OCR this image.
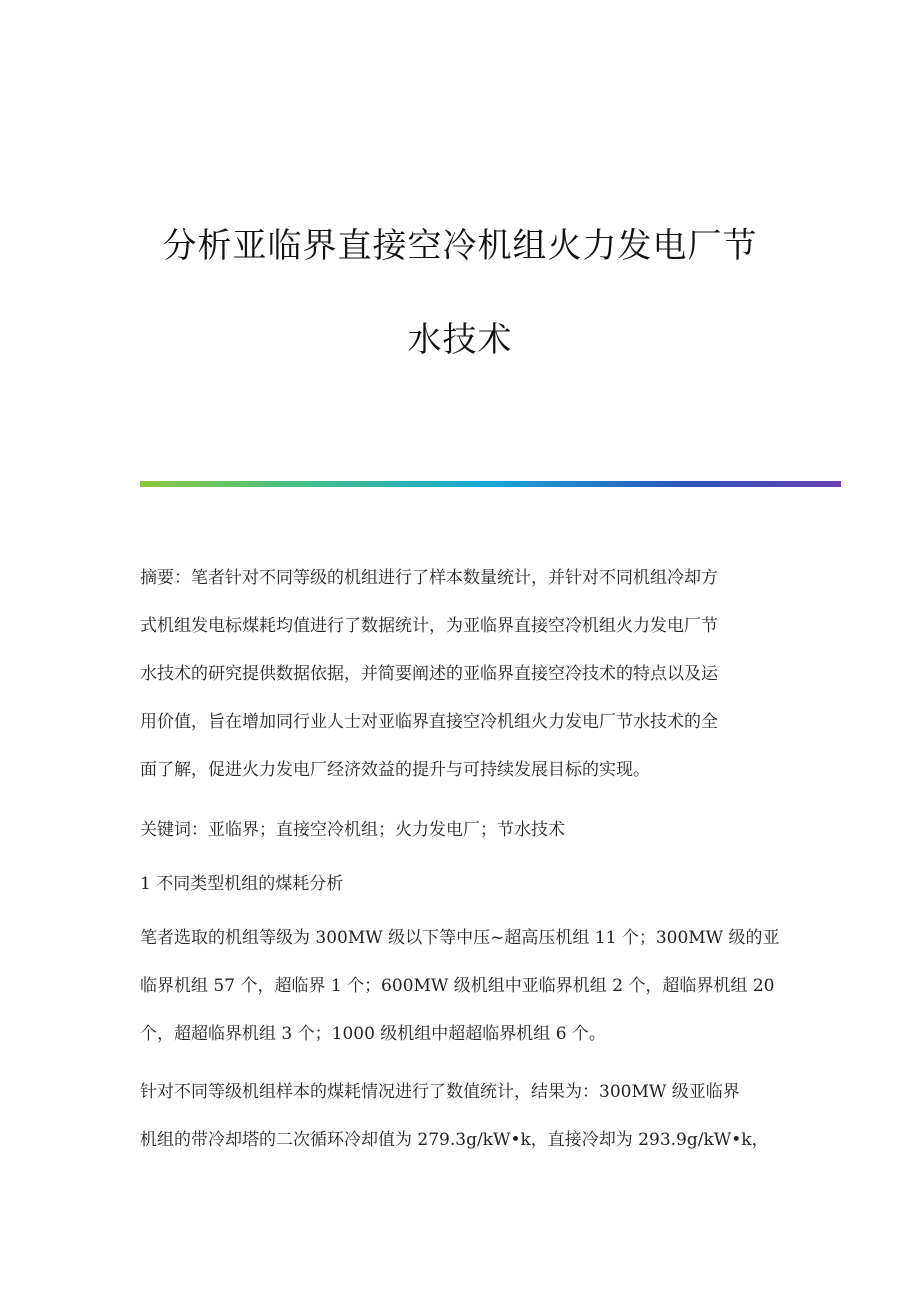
分析亚临界直接空冷机组火力发电厂节
水技术
摘要：笔者针对不同等级的机组进行了样本数量统计，并针对不同机组冷却方
式机组发电标煤耗均值进行了数据统计，为亚临界直接空冷机组火力发电厂节
水技术的研究提供数据依据，并简要阐述的亚临界直接空冷技术的特点以及运
用价值，旨在增加同行业人士对亚临界直接空冷机组火力发电厂节水技术的全
面了解，促进火力发电厂经济效益的提升与可持续发展目标的实现。
关键词：亚临界；直接空冷机组；火力发电厂；节水技术
1 不同类型机组的煤耗分析
笔者选取的机组等级为 300MW 级以下等中压~超高压机组 11 个；300MW 级的亚
临界机组 57 个，超临界 1 个；600MW 级机组中亚临界机组 2 个，超临界机组 20
个，超超临界机组 3 个；1000 级机组中超超临界机组 6 个。
针对不同等级机组样本的煤耗情况进行了数值统计，结果为：300MW 级亚临界
机组的带冷却塔的二次循环冷却值为 279.3g/kW•k，直接冷却为 293.9g/kW•k，
